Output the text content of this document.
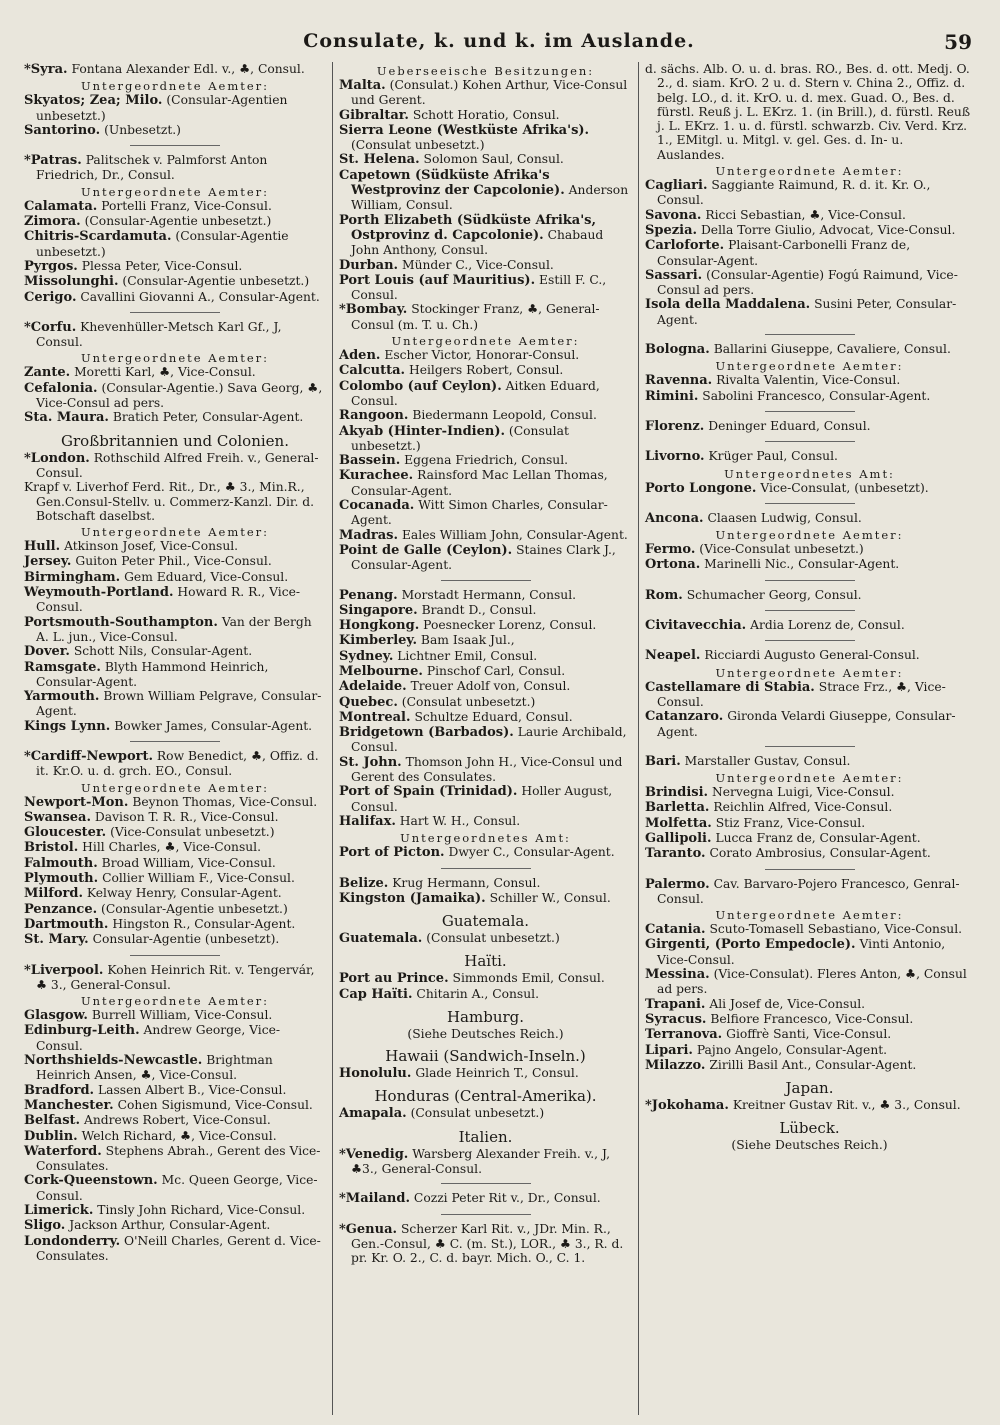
Consulate, k. und k. im Auslande.	59
*Syra. Fontana Alexander Edl. v., ♣, Consul.
Untergeordnete Aemter:
Skyatos; Zea; Milo. (Consular-Agentien unbesetzt.)
Santorino. (Unbesetzt.)
*Patras. Palitschek v. Palmforst Anton Friedrich, Dr., Consul.
Untergeordnete Aemter:
Calamata. Portelli Franz, Vice-Consul.
Zimora. (Consular-Agentie unbesetzt.)
Chitris-Scardamuta. (Consular-Agentie unbesetzt.)
Pyrgos. Plessa Peter, Vice-Consul.
Missolunghi. (Consular-Agentie unbesetzt.)
Cerigo. Cavallini Giovanni A., Consular-Agent.
*Corfu. Khevenhüller-Metsch Karl Gf., J, Consul.
Untergeordnete Aemter:
Zante. Moretti Karl, ♣, Vice-Consul.
Cefalonia. (Consular-Agentie.) Sava Georg, ♣, Vice-Consul ad pers.
Sta. Maura. Bratich Peter, Consular-Agent.
Großbritannien und Colonien.
*London. Rothschild Alfred Freih. v., General-Consul.
Krapf v. Liverhof Ferd. Rit., Dr., ♣ 3., Min.R., Gen.Consul-Stellv. u. Commerz-Kanzl. Dir. d. Botschaft daselbst.
Untergeordnete Aemter:
Hull. Atkinson Josef, Vice-Consul.
Jersey. Guiton Peter Phil., Vice-Consul.
Birmingham. Gem Eduard, Vice-Consul.
Weymouth-Portland. Howard R. R., Vice-Consul.
Portsmouth-Southampton. Van der Bergh A. L. jun., Vice-Consul.
Dover. Schott Nils, Consular-Agent.
Ramsgate. Blyth Hammond Heinrich, Consular-Agent.
Yarmouth. Brown William Pelgrave, Consular-Agent.
Kings Lynn. Bowker James, Consular-Agent.
*Cardiff-Newport. Row Benedict, ♣, Offiz. d. it. Kr.O. u. d. grch. EO., Consul.
Untergeordnete Aemter:
Newport-Mon. Beynon Thomas, Vice-Consul.
Swansea. Davison T. R. R., Vice-Consul.
Gloucester. (Vice-Consulat unbesetzt.)
Bristol. Hill Charles, ♣, Vice-Consul.
Falmouth. Broad William, Vice-Consul.
Plymouth. Collier William F., Vice-Consul.
Milford. Kelway Henry, Consular-Agent.
Penzance. (Consular-Agentie unbesetzt.)
Dartmouth. Hingston R., Consular-Agent.
St. Mary. Consular-Agentie (unbesetzt).
*Liverpool. Kohen Heinrich Rit. v. Tengervár, ♣ 3., General-Consul.
Untergeordnete Aemter:
Glasgow. Burrell William, Vice-Consul.
Edinburg-Leith. Andrew George, Vice-Consul.
Northshields-Newcastle. Brightman Heinrich Ansen, ♣, Vice-Consul.
Bradford. Lassen Albert B., Vice-Consul.
Manchester. Cohen Sigismund, Vice-Consul.
Belfast. Andrews Robert, Vice-Consul.
Dublin. Welch Richard, ♣, Vice-Consul.
Waterford. Stephens Abrah., Gerent des Vice-Consulates.
Cork-Queenstown. Mc. Queen George, Vice-Consul.
Limerick. Tinsly John Richard, Vice-Consul.
Sligo. Jackson Arthur, Consular-Agent.
Londonderry. O'Neill Charles, Gerent d. Vice-Consulates.
Ueberseeische Besitzungen:
Malta. (Consulat.) Kohen Arthur, Vice-Consul und Gerent.
Gibraltar. Schott Horatio, Consul.
Sierra Leone (Westküste Afrika's). (Consulat unbesetzt.)
St. Helena. Solomon Saul, Consul.
Capetown (Südküste Afrika's Westprovinz der Capcolonie). Anderson William, Consul.
Porth Elizabeth (Südküste Afrika's, Ostprovinz d. Capcolonie). Chabaud John Anthony, Consul.
Durban. Münder C., Vice-Consul.
Port Louis (auf Mauritius). Estill F. C., Consul.
*Bombay. Stockinger Franz, ♣, General-Consul (m. T. u. Ch.)
Untergeordnete Aemter:
Aden. Escher Victor, Honorar-Consul.
Calcutta. Heilgers Robert, Consul.
Colombo (auf Ceylon). Aitken Eduard, Consul.
Rangoon. Biedermann Leopold, Consul.
Akyab (Hinter-Indien). (Consulat unbesetzt.)
Bassein. Eggena Friedrich, Consul.
Kurachee. Rainsford Mac Lellan Thomas, Consular-Agent.
Cocanada. Witt Simon Charles, Consular-Agent.
Madras. Eales William John, Consular-Agent.
Point de Galle (Ceylon). Staines Clark J., Consular-Agent.
Penang. Morstadt Hermann, Consul.
Singapore. Brandt D., Consul.
Hongkong. Poesnecker Lorenz, Consul.
Kimberley. Bam Isaak Jul.,
Sydney. Lichtner Emil, Consul.
Melbourne. Pinschof Carl, Consul.
Adelaide. Treuer Adolf von, Consul.
Quebec. (Consulat unbesetzt.)
Montreal. Schultze Eduard, Consul.
Bridgetown (Barbados). Laurie Archibald, Consul.
St. John. Thomson John H., Vice-Consul und Gerent des Consulates.
Port of Spain (Trinidad). Holler August, Consul.
Halifax. Hart W. H., Consul.
Untergeordnetes Amt:
Port of Picton. Dwyer C., Consular-Agent.
Belize. Krug Hermann, Consul.
Kingston (Jamaika). Schiller W., Consul.
Guatemala.
Guatemala. (Consulat unbesetzt.)
Haïti.
Port au Prince. Simmonds Emil, Consul.
Cap Haïti. Chitarin A., Consul.
Hamburg.
(Siehe Deutsches Reich.)
Hawaii (Sandwich-Inseln.)
Honolulu. Glade Heinrich T., Consul.
Honduras (Central-Amerika).
Amapala. (Consulat unbesetzt.)
Italien.
*Venedig. Warsberg Alexander Freih. v., J, ♣3., General-Consul.
*Mailand. Cozzi Peter Rit v., Dr., Consul.
*Genua. Scherzer Karl Rit. v., JDr. Min. R., Gen.-Consul, ♣ C. (m. St.), LOR., ♣ 3., R. d. pr. Kr. O. 2., C. d. bayr. Mich. O., C. 1.
d. sächs. Alb. O. u. d. bras. RO., Bes. d. ott. Medj. O. 2., d. siam. KrO. 2 u. d. Stern v. China 2., Offiz. d. belg. LO., d. it. KrO. u. d. mex. Guad. O., Bes. d. fürstl. Reuß j. L. EKrz. 1. (in Brill.), d. fürstl. Reuß j. L. EKrz. 1. u. d. fürstl. schwarzb. Civ. Verd. Krz. 1., EMitgl. u. Mitgl. v. gel. Ges. d. In- u. Auslandes.
Untergeordnete Aemter:
Cagliari. Saggiante Raimund, R. d. it. Kr. O., Consul.
Savona. Ricci Sebastian, ♣, Vice-Consul.
Spezia. Della Torre Giulio, Advocat, Vice-Consul.
Carloforte. Plaisant-Carbonelli Franz de, Consular-Agent.
Sassari. (Consular-Agentie) Fogú Raimund, Vice-Consul ad pers.
Isola della Maddalena. Susini Peter, Consular-Agent.
Bologna. Ballarini Giuseppe, Cavaliere, Consul.
Untergeordnete Aemter:
Ravenna. Rivalta Valentin, Vice-Consul.
Rimini. Sabolini Francesco, Consular-Agent.
Florenz. Deninger Eduard, Consul.
Livorno. Krüger Paul, Consul.
Untergeordnetes Amt:
Porto Longone. Vice-Consulat, (unbesetzt).
Ancona. Claasen Ludwig, Consul.
Untergeordnete Aemter:
Fermo. (Vice-Consulat unbesetzt.)
Ortona. Marinelli Nic., Consular-Agent.
Rom. Schumacher Georg, Consul.
Civitavecchia. Ardia Lorenz de, Consul.
Neapel. Ricciardi Augusto General-Consul.
Untergeordnete Aemter:
Castellamare di Stabia. Strace Frz., ♣, Vice-Consul.
Catanzaro. Gironda Velardi Giuseppe, Consular-Agent.
Bari. Marstaller Gustav, Consul.
Untergeordnete Aemter:
Brindisi. Nervegna Luigi, Vice-Consul.
Barletta. Reichlin Alfred, Vice-Consul.
Molfetta. Stiz Franz, Vice-Consul.
Gallipoli. Lucca Franz de, Consular-Agent.
Taranto. Corato Ambrosius, Consular-Agent.
Palermo. Cav. Barvaro-Pojero Francesco, Genral-Consul.
Untergeordnete Aemter:
Catania. Scuto-Tomasell Sebastiano, Vice-Consul.
Girgenti, (Porto Empedocle). Vinti Antonio, Vice-Consul.
Messina. (Vice-Consulat). Fleres Anton, ♣, Consul ad pers.
Trapani. Ali Josef de, Vice-Consul.
Syracus. Belfiore Francesco, Vice-Consul.
Terranova. Gioffrè Santi, Vice-Consul.
Lipari. Pajno Angelo, Consular-Agent.
Milazzo. Zirilli Basil Ant., Consular-Agent.
Japan.
*Jokohama. Kreitner Gustav Rit. v., ♣ 3., Consul.
Lübeck.
(Siehe Deutsches Reich.)
